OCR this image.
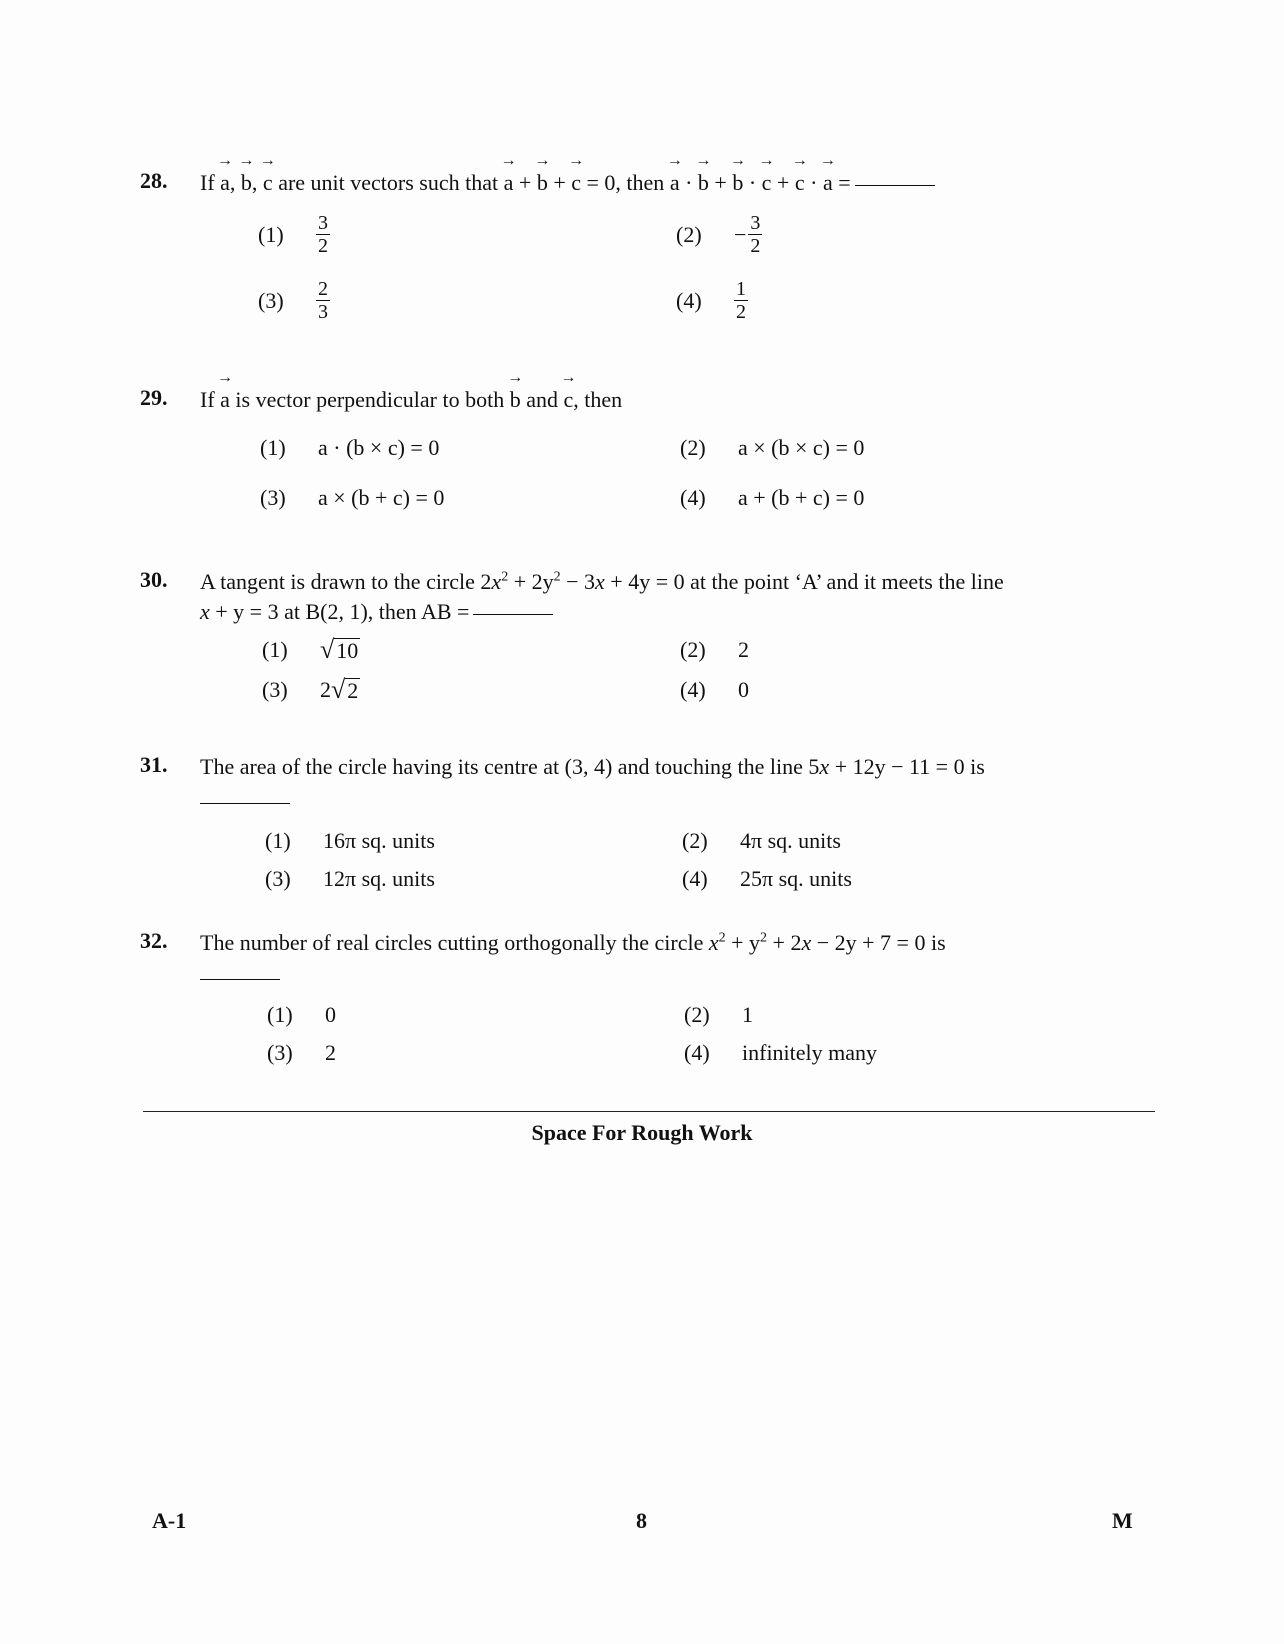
28. If → a, → b, → c are unit vectors such that → a + → b + → c = 0, then → a · → b + → b · → c + → c · → a =
(1)	$\frac{3}{2}$	(2)	− $\frac{3}{2}$
(3)	$\frac{2}{3}$	(4)	$\frac{1}{2}$
29. If → a is vector perpendicular to both → b and → c, then
(1)	a · (b × c) = 0	(2)	a × (b × c) = 0
(3)	a × (b + c) = 0	(4)	a + (b + c) = 0
30. A tangent is drawn to the circle $2x^2 + 2y^2 - 3x + 4y = 0$ at the point ‘A’ and it meets the line
x + y = 3 at B(2, 1), then AB =
(1)	√ 10	(2)	2
(3)	2 √ 2	(4)	0
31. The area of the circle having its centre at (3, 4) and touching the line 5x + 12y − 11 = 0 is

(1)	16π sq. units	(2)	4π sq. units
(3)	12π sq. units	(4)	25π sq. units
32. The number of real circles cutting orthogonally the circle $x^2 + y^2 + 2x - 2y + 7 = 0$ is

(1)	0	(2)	1
(3)	2	(4)	infinitely many
Space For Rough Work
A-1	8	M
